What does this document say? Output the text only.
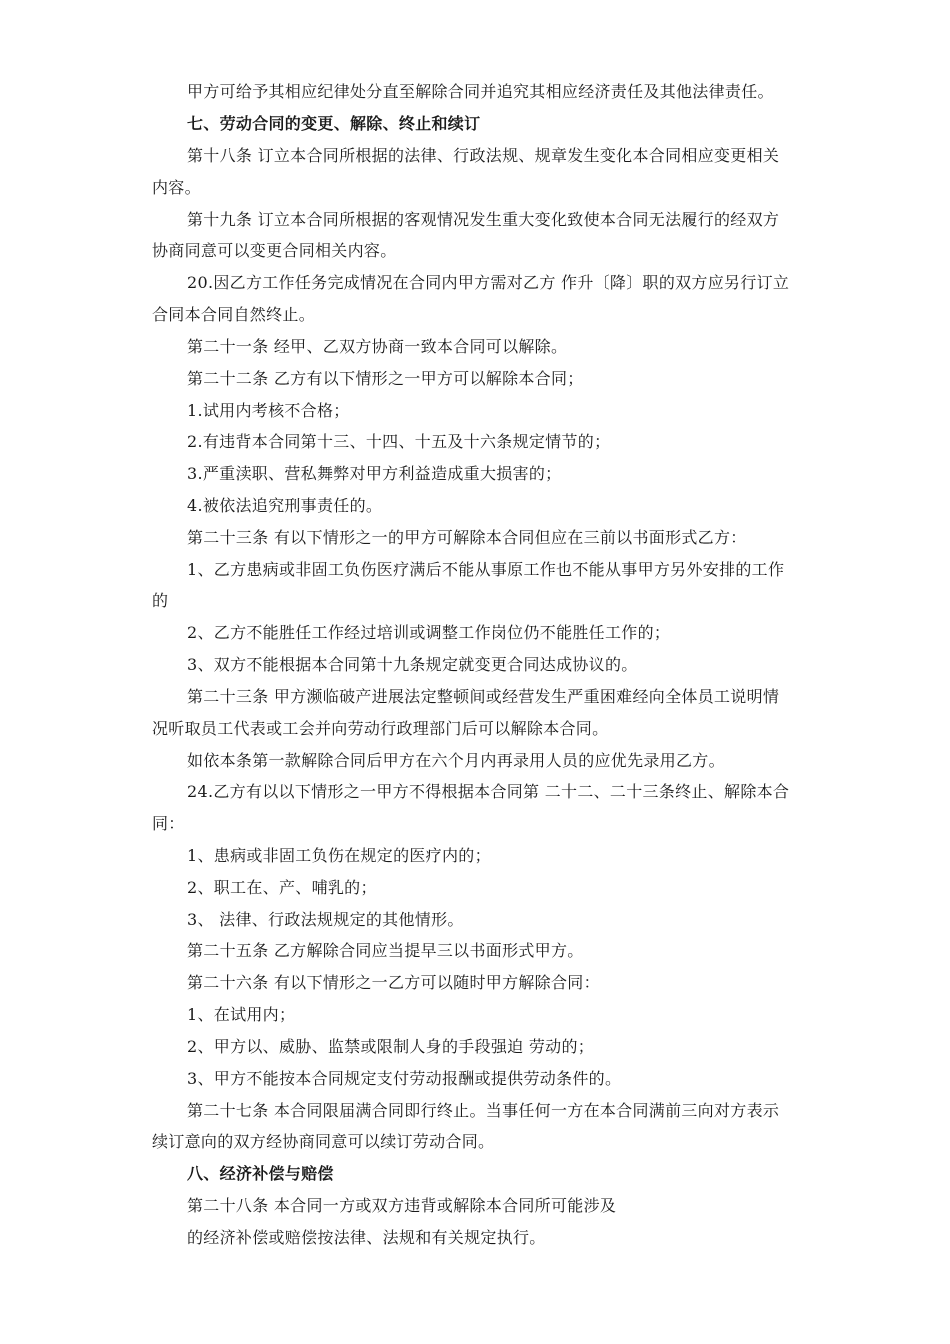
甲方可给予其相应纪律处分直至解除合同并追究其相应经济责任及其他法律责任。
七、劳动合同的变更、解除、终止和续订
第十八条 订立本合同所根据的法律、行政法规、规章发生变化本合同相应变更相关
内容。
第十九条 订立本合同所根据的客观情况发生重大变化致使本合同无法履行的经双方
协商同意可以变更合同相关内容。
20.因乙方工作任务完成情况在合同内甲方需对乙方 作升〔降〕职的双方应另行订立
合同本合同自然终止。
第二十一条 经甲、乙双方协商一致本合同可以解除。
第二十二条 乙方有以下情形之一甲方可以解除本合同；
1.试用内考核不合格；
2.有违背本合同第十三、十四、十五及十六条规定情节的；
3.严重渎职、营私舞弊对甲方利益造成重大损害的；
4.被依法追究刑事责任的。
第二十三条 有以下情形之一的甲方可解除本合同但应在三前以书面形式乙方：
1、乙方患病或非固工负伤医疗满后不能从事原工作也不能从事甲方另外安排的工作
的
2、乙方不能胜任工作经过培训或调整工作岗位仍不能胜任工作的；
3、双方不能根据本合同第十九条规定就变更合同达成协议的。
第二十三条 甲方濒临破产进展法定整顿间或经营发生严重困难经向全体员工说明情
况听取员工代表或工会并向劳动行政理部门后可以解除本合同。
如依本条第一款解除合同后甲方在六个月内再录用人员的应优先录用乙方。
24.乙方有以以下情形之一甲方不得根据本合同第 二十二、二十三条终止、解除本合
同：
1、患病或非固工负伤在规定的医疗内的；
2、职工在、产、哺乳的；
3、 法律、行政法规规定的其他情形。
第二十五条 乙方解除合同应当提早三以书面形式甲方。
第二十六条 有以下情形之一乙方可以随时甲方解除合同：
1、在试用内；
2、甲方以、威胁、监禁或限制人身的手段强迫 劳动的；
3、甲方不能按本合同规定支付劳动报酬或提供劳动条件的。
第二十七条 本合同限届满合同即行终止。当事任何一方在本合同满前三向对方表示
续订意向的双方经协商同意可以续订劳动合同。
八、经济补偿与赔偿
第二十八条 本合同一方或双方违背或解除本合同所可能涉及
的经济补偿或赔偿按法律、法规和有关规定执行。
